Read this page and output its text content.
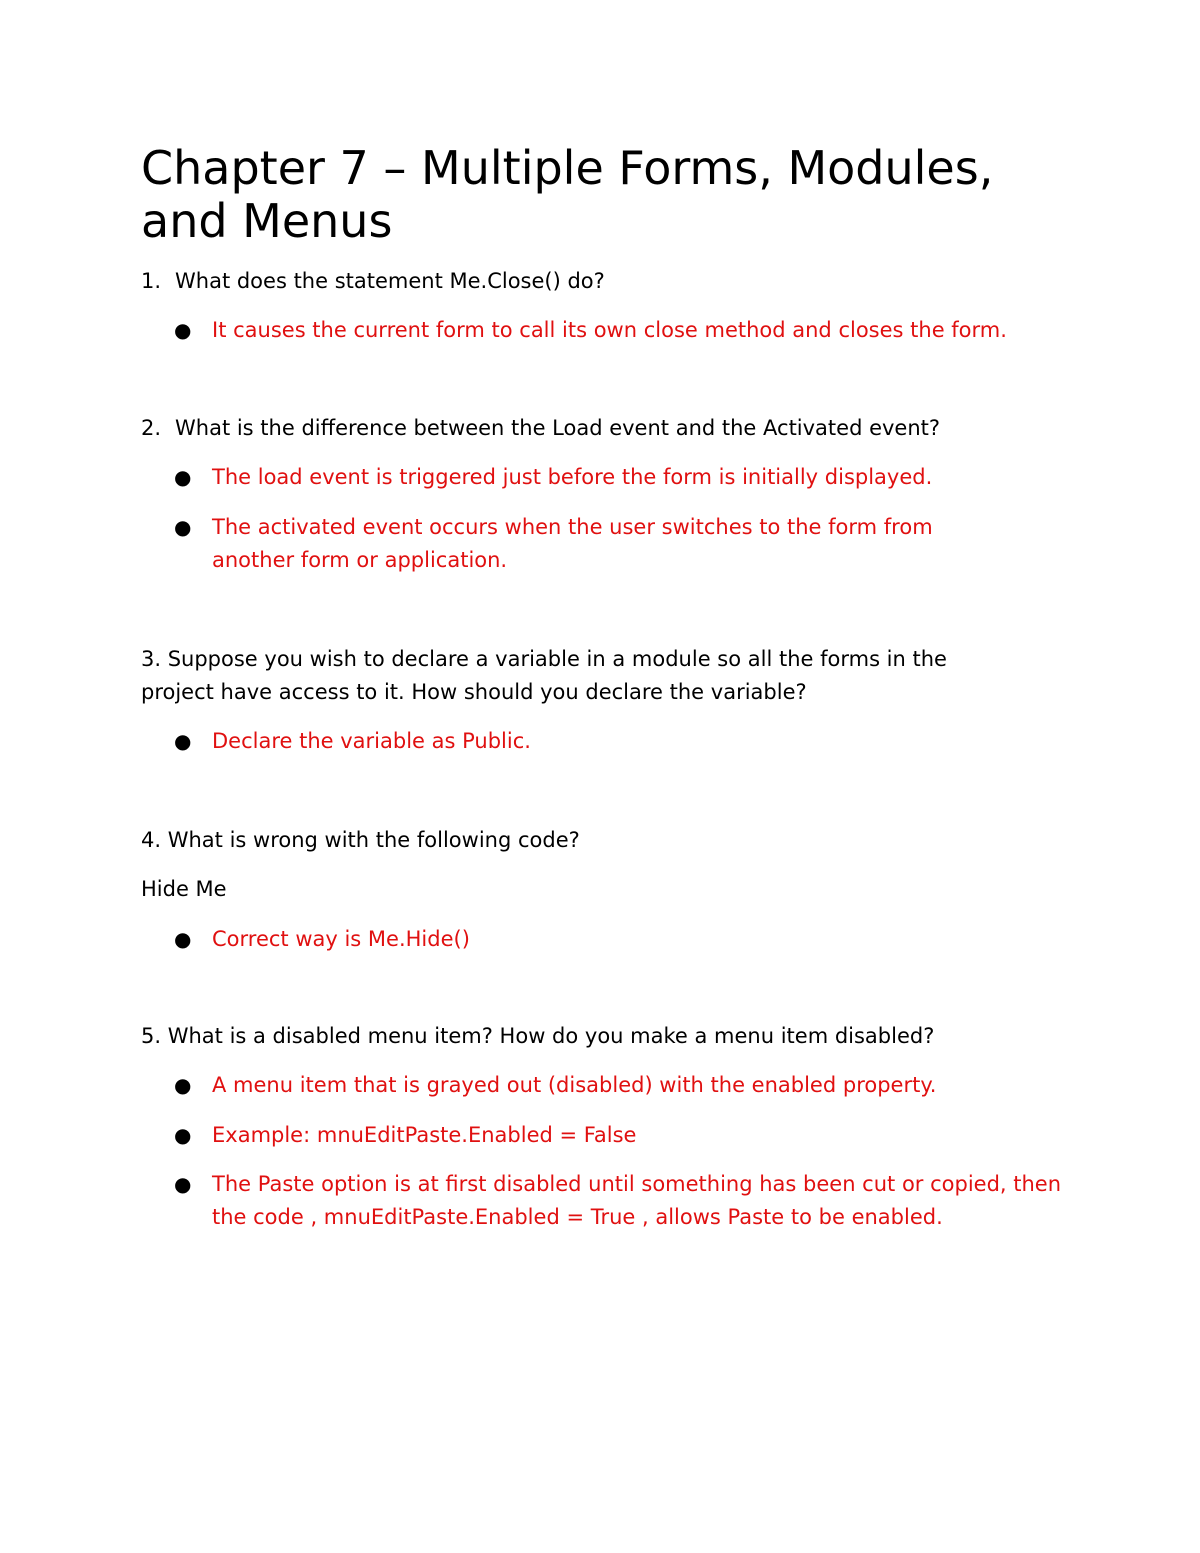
Chapter 7 – Multiple Forms, Modules, and Menus
1. What does the statement Me.Close() do?
● It causes the current form to call its own close method and closes the form.
2. What is the difference between the Load event and the Activated event?
● The load event is triggered just before the form is initially displayed.
● The activated event occurs when the user switches to the form from another form or application.
3. Suppose you wish to declare a variable in a module so all the forms in the project have access to it. How should you declare the variable?
● Declare the variable as Public.
4. What is wrong with the following code?
Hide Me
● Correct way is Me.Hide()
5. What is a disabled menu item? How do you make a menu item disabled?
● A menu item that is grayed out (disabled) with the enabled property.
● Example: mnuEditPaste.Enabled = False
● The Paste option is at first disabled until something has been cut or copied, then the code , mnuEditPaste.Enabled = True , allows Paste to be enabled.
